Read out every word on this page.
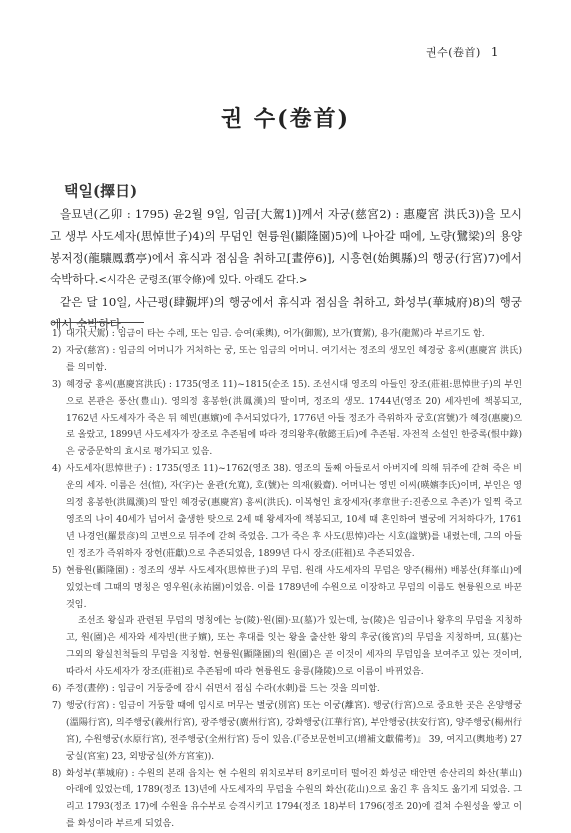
권수(卷首) 1
권 수(卷首)
택일(擇日)

을묘년(乙卯 : 1795) 윤2월 9일, 임금[大駕1)]께서 자궁(慈宮2) : 惠慶宮 洪氏3))을 모시고 생부 사도세자(思悼世子)4)의 무덤인 현륭원(顯隆園)5)에 나아갈 때에, 노량(鷺梁)의 용양 봉저정(龍驤鳳翥亭)에서 휴식과 점심을 취하고[晝停6)], 시흥현(始興縣)의 행궁(行宮)7)에서 숙박하다.<시각은 군령조(軍令條)에 있다. 아래도 같다.>

같은 달 10일, 사근평(肆覲坪)의 행궁에서 휴식과 점심을 취하고, 화성부(華城府)8)의 행궁에서 숙박하다.

1) 대가(大駕) : 임금이 타는 수레, 또는 임금. 승여(乘輿), 어가(御駕), 보가(寶駕), 용가(龍駕)라 부르기도 함.
2) 자궁(慈宮) : 임금의 어머니가 거처하는 궁, 또는 임금의 어머니. 여기서는 정조의 생모인 혜경궁 홍씨(惠慶宮 洪氏)를 의미함.
3) 혜경궁 홍씨(惠慶宮洪氏) : 1735(영조 11)~1815(순조 15). 조선시대 영조의 아들인 장조(莊祖:思悼世子)의 부인으로 본관은 풍산(豊山). 영의정 홍봉한(洪鳳漢)의 딸이며, 정조의 생모. 1744년(영조 20) 세자빈에 책봉되고, 1762년 사도세자가 죽은 뒤 혜빈(惠嬪)에 추서되었다가, 1776년 아들 정조가 즉위하자 궁호(宮號)가 혜경(惠慶)으로 올랐고, 1899년 사도세자가 장조로 추존됨에 따라 경의왕후(敬懿王后)에 추존됨. 자전적 소설인 한중록(恨中錄)은 궁중문학의 효시로 평가되고 있음.
4) 사도세자(思悼世子) : 1735(영조 11)~1762(영조 38). 영조의 둘째 아들로서 아버지에 의해 뒤주에 갇혀 죽은 비운의 세자. 이름은 선(愃), 자(字)는 윤관(允寬), 호(號)는 의재(毅齋). 어머니는 영빈 이씨(暎嬪李氏)이며, 부인은 영의정 홍봉한(洪鳳漢)의 딸인 혜경궁(惠慶宮) 홍씨(洪氏). 이복형인 효장세자(孝章世子:진종으로 추존)가 일찍 죽고 영조의 나이 40세가 넘어서 출생한 탓으로 2세 때 왕세자에 책봉되고, 10세 때 혼인하여 별궁에 거처하다가, 1761년 나경언(羅景彦)의 고변으로 뒤주에 갇혀 죽었음. 그가 죽은 후 사도(思悼)라는 시호(諡號)를 내렸는데, 그의 아들인 정조가 즉위하자 장헌(莊獻)으로 추존되었음, 1899년 다시 장조(莊祖)로 추존되었음.
5) 현륭원(顯隆園) : 정조의 생부 사도세자(思悼世子)의 무덤. 원래 사도세자의 무덤은 양주(楊州) 배봉산(拜峯山)에 있었는데 그때의 명칭은 영우원(永祐園)이었음. 이를 1789년에 수원으로 이장하고 무덤의 이름도 현륭원으로 바꾼 것임.
조선조 왕실과 관련된 무덤의 명칭에는 능(陵)·원(園)·묘(墓)가 있는데, 능(陵)은 임금이나 왕후의 무덤을 지칭하고, 원(園)은 세자와 세자빈(世子嬪), 또는 후대를 잇는 왕을 출산한 왕의 후궁(後宮)의 무덤을 지칭하며, 묘(墓)는 그외의 왕실친척들의 무덤을 지칭함. 현륭원(顯隆園)의 원(園)은 곧 이것이 세자의 무덤임을 보여주고 있는 것이며, 따라서 사도세자가 장조(莊祖)로 추존됨에 따라 현륭원도 융릉(隆陵)으로 이름이 바뀌었음.
6) 주정(晝停) : 임금이 거둥중에 잠시 쉬면서 점심 수라(水剌)를 드는 것을 의미함.
7) 행궁(行宮) : 임금이 거둥할 때에 임시로 머무는 별궁(別宮) 또는 이궁(離宮). 행궁(行宮)으로 중요한 곳은 온양행궁(溫陽行宮), 의주행궁(義州行宮), 광주행궁(廣州行宮), 강화행궁(江華行宮), 부안행궁(扶安行宮), 양주행궁(楊州行宮), 수원행궁(水原行宮), 전주행궁(全州行宮) 등이 있음.(『증보문헌비고(增補文獻備考)』 39, 여지고(輿地考) 27 궁실(宮室) 23, 외방궁실(外方宮室)).
8) 화성부(華城府) : 수원의 본래 읍치는 현 수원의 위치로부터 8키로미터 떨어진 화성군 태안면 송산리의 화산(華山) 아래에 있었는데, 1789(정조 13)년에 사도세자의 무덤을 수원의 화산(花山)으로 옮긴 후 읍치도 옮기게 되었음. 그리고 1793(정조 17)에 수원을 유수부로 승격시키고 1794(정조 18)부터 1796(정조 20)에 걸쳐 수원성을 쌓고 이를 화성이라 부르게 되었음.
